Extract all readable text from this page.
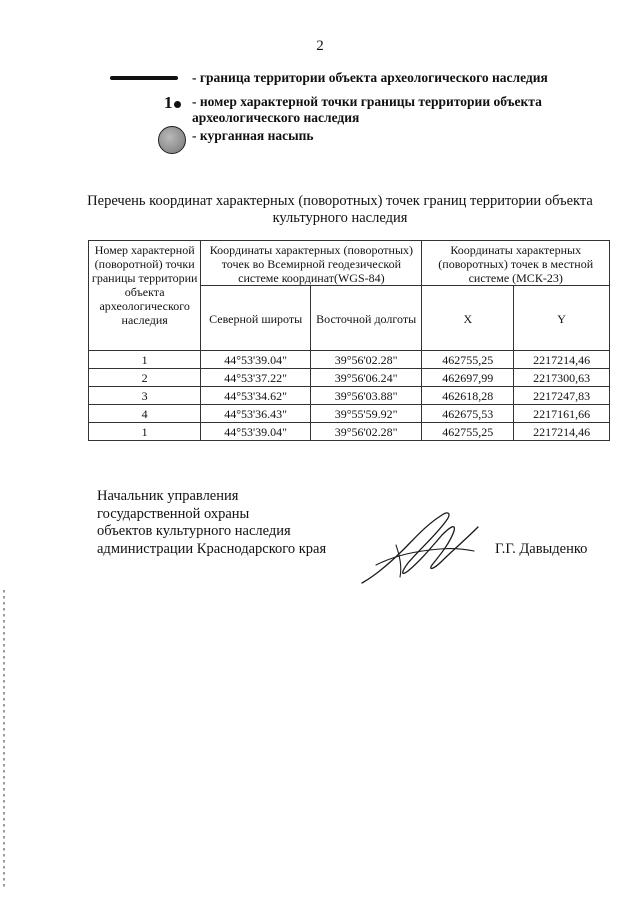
2
- граница территории объекта археологического наследия
1	- номер характерной точки границы территории объекта археологического наследия
- курганная насыпь
Перечень координат характерных (поворотных) точек границ территории объекта культурного наследия
Номер характерной (поворотной) точки границы территории объекта археологического наследия	Координаты характерных (поворотных) точек во Всемирной геодезической системе координат(WGS-84)		Координаты характерных (поворотных) точек в местной системе (МСК-23)	
	Северной широты	Восточной долготы	X	Y
1	44°53'39.04"	39°56'02.28"	462755,25	2217214,46
2	44°53'37.22"	39°56'06.24"	462697,99	2217300,63
3	44°53'34.62"	39°56'03.88"	462618,28	2217247,83
4	44°53'36.43"	39°55'59.92"	462675,53	2217161,66
1	44°53'39.04"	39°56'02.28"	462755,25	2217214,46
Начальник управления
государственной охраны
объектов культурного наследия
администрации Краснодарского края	Г.Г. Давыденко
